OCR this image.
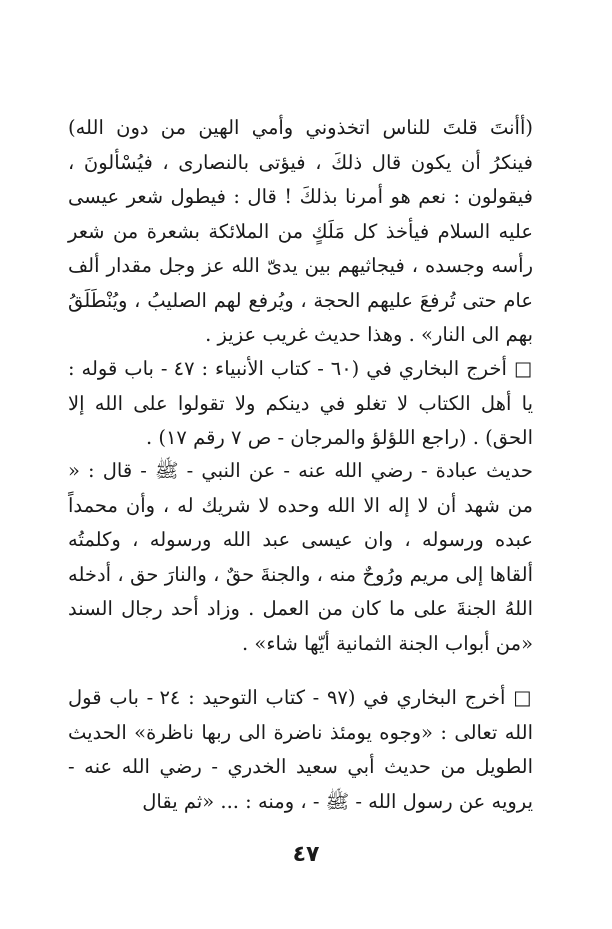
(أأنتَ قلتَ للناس اتخذوني وأمي الهين من دون الله) فينكرُ أن يكون قال ذلكَ ، فيؤتى بالنصارى ، فيُسْألونَ ، فيقولون : نعم هو أمرنا بذلكَ ! قال : فيطول شعر عيسى عليه السلام فيأخذ كل مَلَكٍ من الملائكة بشعرة من شعر رأسه وجسده ، فيجاثيهم بين يدىّ الله عز وجل مقدار ألف عام حتى تُرفعَ عليهم الحجة ، ويُرفع لهم الصليبُ ، ويُنْطَلَقُ بهم الى النار» . وهذا حديث غريب عزيز .

□ أخرج البخاري في (٦٠ - كتاب الأنبياء : ٤٧ - باب قوله : يا أهل الكتاب لا تغلو في دينكم ولا تقولوا على الله إلا الحق) . (راجع اللؤلؤ والمرجان - ص ٧ رقم ١٧) .

حديث عبادة - رضي الله عنه - عن النبي - ﷺ - قال : « من شهد أن لا إله الا الله وحده لا شريك له ، وأن محمداً عبده ورسوله ، وان عيسى عبد الله ورسوله ، وكلمتُه ألقاها إلى مريم ورُوحٌ منه ، والجنةَ حقٌ ، والنارَ حق ، أدخله اللهُ الجنةَ على ما كان من العمل . وزاد أحد رجال السند «من أبواب الجنة الثمانية أيّها شاء» .

□ أخرج البخاري في (٩٧ - كتاب التوحيد : ٢٤ - باب قول الله تعالى : «وجوه يومئذ ناضرة الى ربها ناظرة» الحديث الطويل من حديث أبي سعيد الخدري - رضي الله عنه - يرويه عن رسول الله - ﷺ - ، ومنه : ... «ثم يقال

٤٧
